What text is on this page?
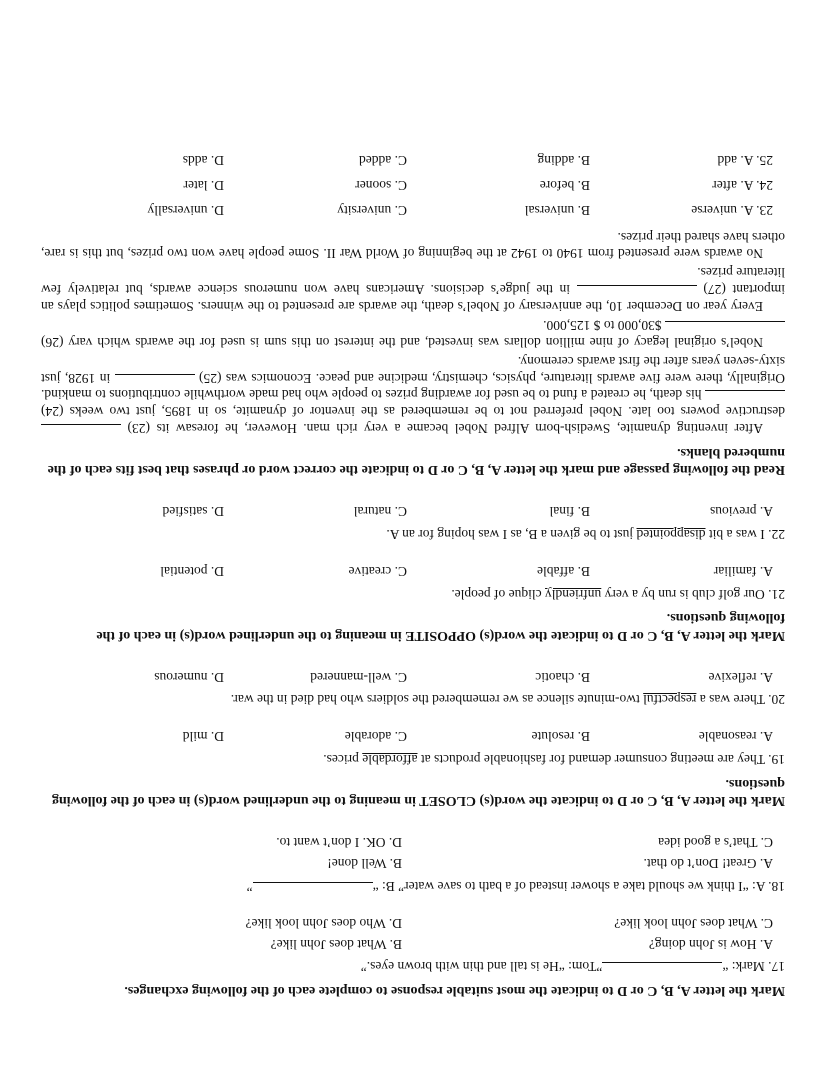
Mark the letter A, B, C or D to indicate the most suitable response to complete each of the following exchanges.

17. Mark: “”Tom: “He is tall and thin with brown eyes.”

A. How is John doing?
B. What does John like?
C. What does John look like?
D. Who does John look like?

18. A: “I think we should take a shower instead of a bath to save water” B: “”

A. Great! Don’t do that.
B. Well done!
C. That’s a good idea
D. OK. I don’t want to.

Mark the letter A, B, C or D to indicate the word(s) CLOSET in meaning to the underlined word(s) in each of the following questions.

19. They are meeting consumer demand for fashionable products at affordable prices.

A. reasonable
B. resolute
C. adorable
D. mild

20. There was a respectful two-minute silence as we remembered the soldiers who had died in the war.

A. reflexive
B. chaotic
C. well-mannered
D. numerous

Mark the letter A, B, C or D to indicate the word(s) OPPOSITE in meaning to the underlined word(s) in each of the following questions.

21. Our golf club is run by a very unfriendly clique of people.

A. familiar
B. affable
C. creative
D. potential

22. I was a bit disappointed just to be given a B, as I was hoping for an A.

A. previous
B. final
C. natural
D. satisfied

Read the following passage and mark the letter A, B, C or D to indicate the correct word or phrases that best fits each of the numbered blanks.

After inventing dynamite, Swedish-born Alfred Nobel became a very rich man. However, he foresaw its (23)  destructive powers too late. Nobel preferred not to be remembered as the inventor of dynamite, so in 1895, just two weeks (24)  his death, he created a fund to be used for awarding prizes to people who had made worthwhile contributions to mankind. Originally, there were five awards literature, physics, chemistry, medicine and peace. Economics was (25)  in 1928, just sixty-seven years after the first awards ceremony.

Nobel’s original legacy of nine million dollars was invested, and the interest on this sum is used for the awards which vary (26)  $30,000 to $ 125,000.

Every year on December 10, the anniversary of Nobel’s death, the awards are presented to the winners. Sometimes politics plays an important (27)  in the judge’s decisions. Americans have won numerous science awards, but relatively few literature prizes.

No awards were presented from 1940 to 1942 at the beginning of World War II. Some people have won two prizes, but this is rare, others have shared their prizes.

23. A. universe
B. universal
C. university
D. universally
24. A. after
B. before
C. sooner
D. later
25. A. add
B. adding
C. added
D. adds
